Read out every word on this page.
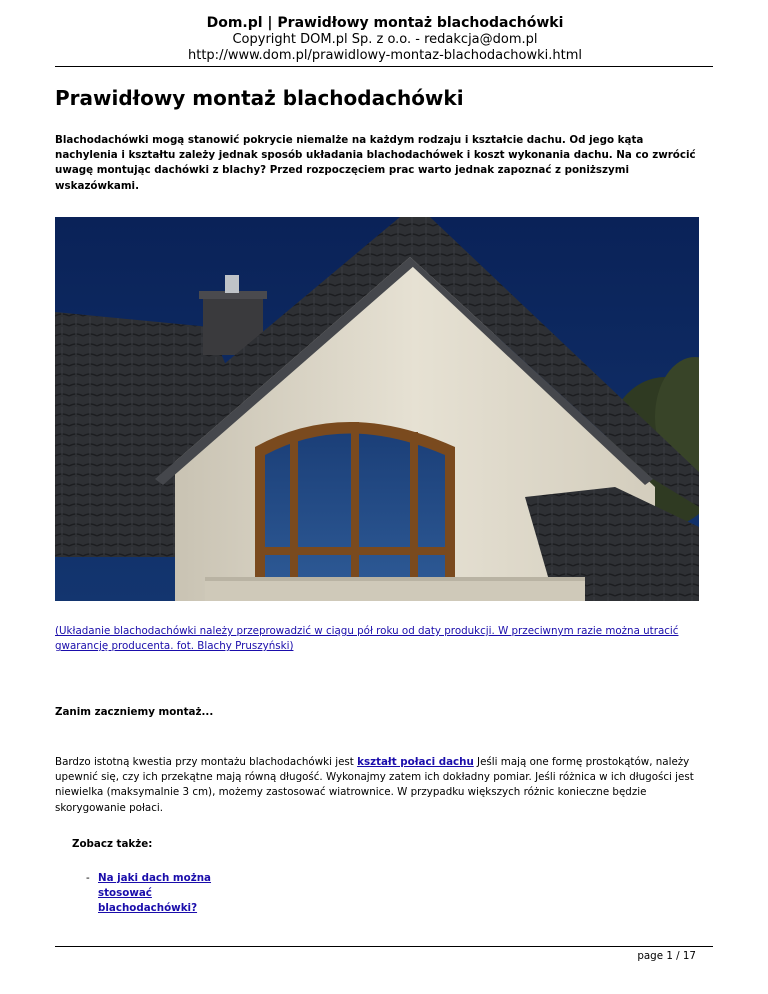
Dom.pl | Prawidłowy montaż blachodachówki
Copyright DOM.pl Sp. z o.o. - redakcja@dom.pl
http://www.dom.pl/prawidlowy-montaz-blachodachowki.html
Prawidłowy montaż blachodachówki

Blachodachówki mogą stanowić pokrycie niemalże na każdym rodzaju i kształcie dachu. Od jego kąta nachylenia i kształtu zależy jednak sposób układania blachodachówek i koszt wykonania dachu. Na co zwrócić uwagę montując dachówki z blachy? Przed rozpoczęciem prac warto jednak zapoznać z poniższymi wskazówkami.

(Układanie blachodachówki należy przeprowadzić w ciągu pół roku od daty produkcji. W przeciwnym razie można utracić gwarancję producenta. fot. Blachy Pruszyński)

Zanim zaczniemy montaż...

Bardzo istotną kwestia przy montażu blachodachówki jest kształt połaci dachu Jeśli mają one formę prostokątów, należy upewnić się, czy ich przekątne mają równą długość. Wykonajmy zatem ich dokładny pomiar. Jeśli różnica w ich długości jest niewielka (maksymalnie 3 cm), możemy zastosować wiatrownice. W przypadku większych różnic konieczne będzie skorygowanie połaci.

Zobacz także:
- Na jaki dach można stosować blachodachówki?
page 1 / 17
